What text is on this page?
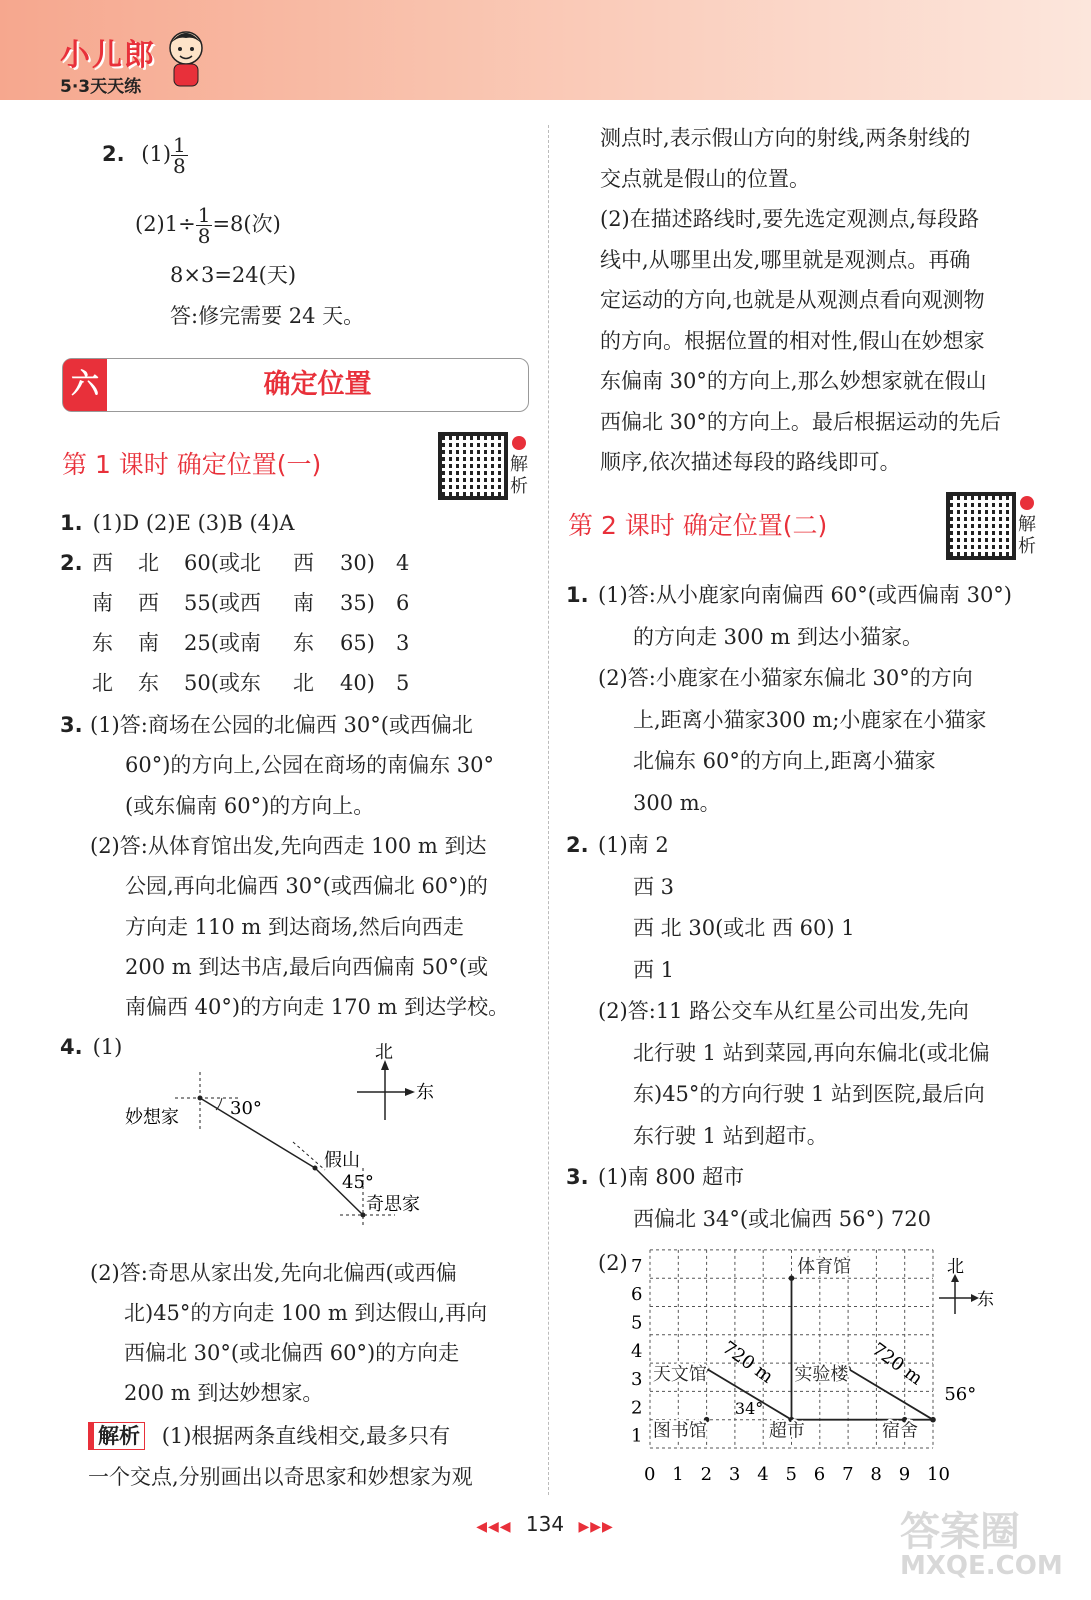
小儿郎
5·3天天练
2. $(1) \frac{1}{8}$
$(2)1\div \frac{1}{8} =8$(次)
8×3=24(天)
答:修完需要 24 天。
六	确定位置
第 1 课时 确定位置(一)	解析
1. (1)D (2)E (3)B (4)A
2. 西 北 60(或北 西 30) 4
南 西 55(或西 南 35) 6
东 南 25(或南 东 65) 3
北 东 50(或东 北 40) 5
3. (1)答:商场在公园的北偏西 30°(或西偏北
60°)的方向上,公园在商场的南偏东 30°
(或东偏南 60°)的方向上。
(2)答:从体育馆出发,先向西走 100 m 到达
公园,再向北偏西 30°(或西偏北 60°)的
方向走 110 m 到达商场,然后向西走
200 m 到达书店,最后向西偏南 50°(或
南偏西 40°)的方向走 170 m 到达学校。
4. (1)	北
东
妙想家	30°
假山
45°
奇思家
(2)答:奇思从家出发,先向北偏西(或西偏
北)45°的方向走 100 m 到达假山,再向
西偏北 30°(或北偏西 60°)的方向走
200 m 到达妙想家。
解析 (1)根据两条直线相交,最多只有
一个交点,分别画出以奇思家和妙想家为观
测点时,表示假山方向的射线,两条射线的
交点就是假山的位置。
(2)在描述路线时,要先选定观测点,每段路
线中,从哪里出发,哪里就是观测点。再确
定运动的方向,也就是从观测点看向观测物
的方向。根据位置的相对性,假山在妙想家
东偏南 30°的方向上,那么妙想家就在假山
西偏北 30°的方向上。最后根据运动的先后
顺序,依次描述每段的路线即可。
第 2 课时 确定位置(二)	解析
1. (1)答:从小鹿家向南偏西 60°(或西偏南 30°)
的方向走 300 m 到达小猫家。
(2)答:小鹿家在小猫家东偏北 30°的方向
上,距离小猫家300 m;小鹿家在小猫家
北偏东 60°的方向上,距离小猫家
300 m。
2. (1)南 2
西 3
西 北 30(或北 西 60) 1
西 1
(2)答:11 路公交车从红星公司出发,先向
北行驶 1 站到菜园,再向东偏北(或北偏
东)45°的方向行驶 1 站到医院,最后向
东行驶 1 站到超市。
3. (1)南 800 超市
西偏北 34°(或北偏西 56°) 720
(2)
0 1 2 3 4 5 6 7 8 9 10
1
2
3
4
5
6
7	体育馆
天文馆	实验楼
图书馆	超市	宿舍
720 m	720 m
34°
56°
北
东
◀◀◀ 134 ▶▶▶	答案圈
MXQE.COM
